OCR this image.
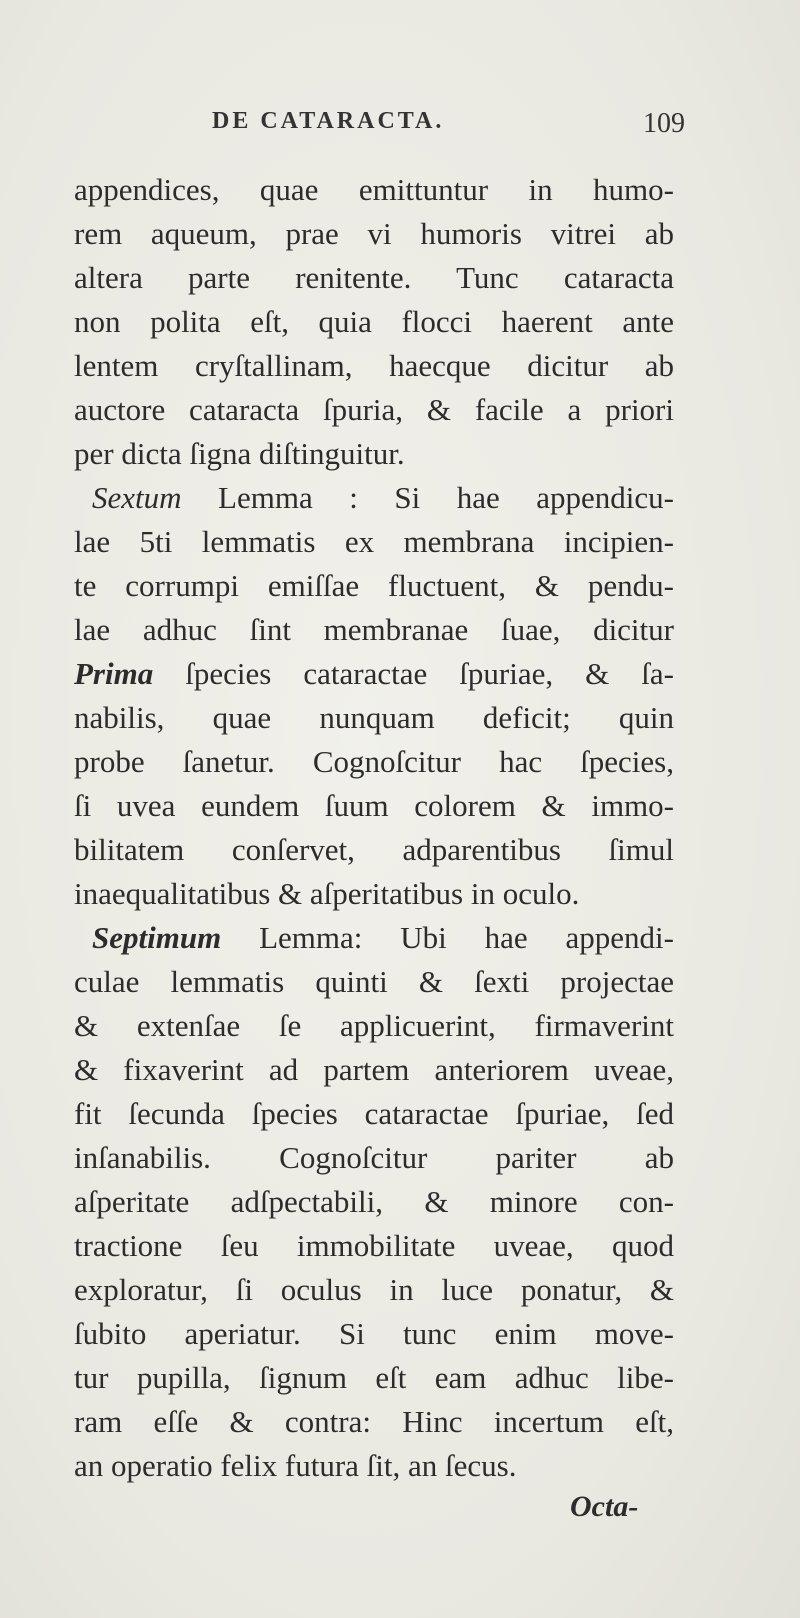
DE CATARACTA.	109
appendices, quae emittuntur in humo-
rem aqueum, prae vi humoris vitrei ab
altera parte renitente. Tunc cataracta
non polita eſt, quia flocci haerent ante
lentem cryſtallinam, haecque dicitur ab
auctore cataracta ſpuria, & facile a priori
per dicta ſigna diſtinguitur.
Sextum Lemma : Si hae appendicu-
lae 5ti lemmatis ex membrana incipien-
te corrumpi emiſſae fluctuent, & pendu-
lae adhuc ſint membranae ſuae, dicitur
Prima ſpecies cataractae ſpuriae, & ſa-
nabilis, quae nunquam deficit; quin
probe ſanetur. Cognoſcitur hac ſpecies,
ſi uvea eundem ſuum colorem & immo-
bilitatem conſervet, adparentibus ſimul
inaequalitatibus & aſperitatibus in oculo.
Septimum Lemma: Ubi hae appendi-
culae lemmatis quinti & ſexti projectae
& extenſae ſe applicuerint, firmaverint
& fixaverint ad partem anteriorem uveae,
fit ſecunda ſpecies cataractae ſpuriae, ſed
inſanabilis. Cognoſcitur pariter ab
aſperitate adſpectabili, & minore con-
tractione ſeu immobilitate uveae, quod
exploratur, ſi oculus in luce ponatur, &
ſubito aperiatur. Si tunc enim move-
tur pupilla, ſignum eſt eam adhuc libe-
ram eſſe & contra: Hinc incertum eſt,
an operatio felix futura ſit, an ſecus.
Octa-
